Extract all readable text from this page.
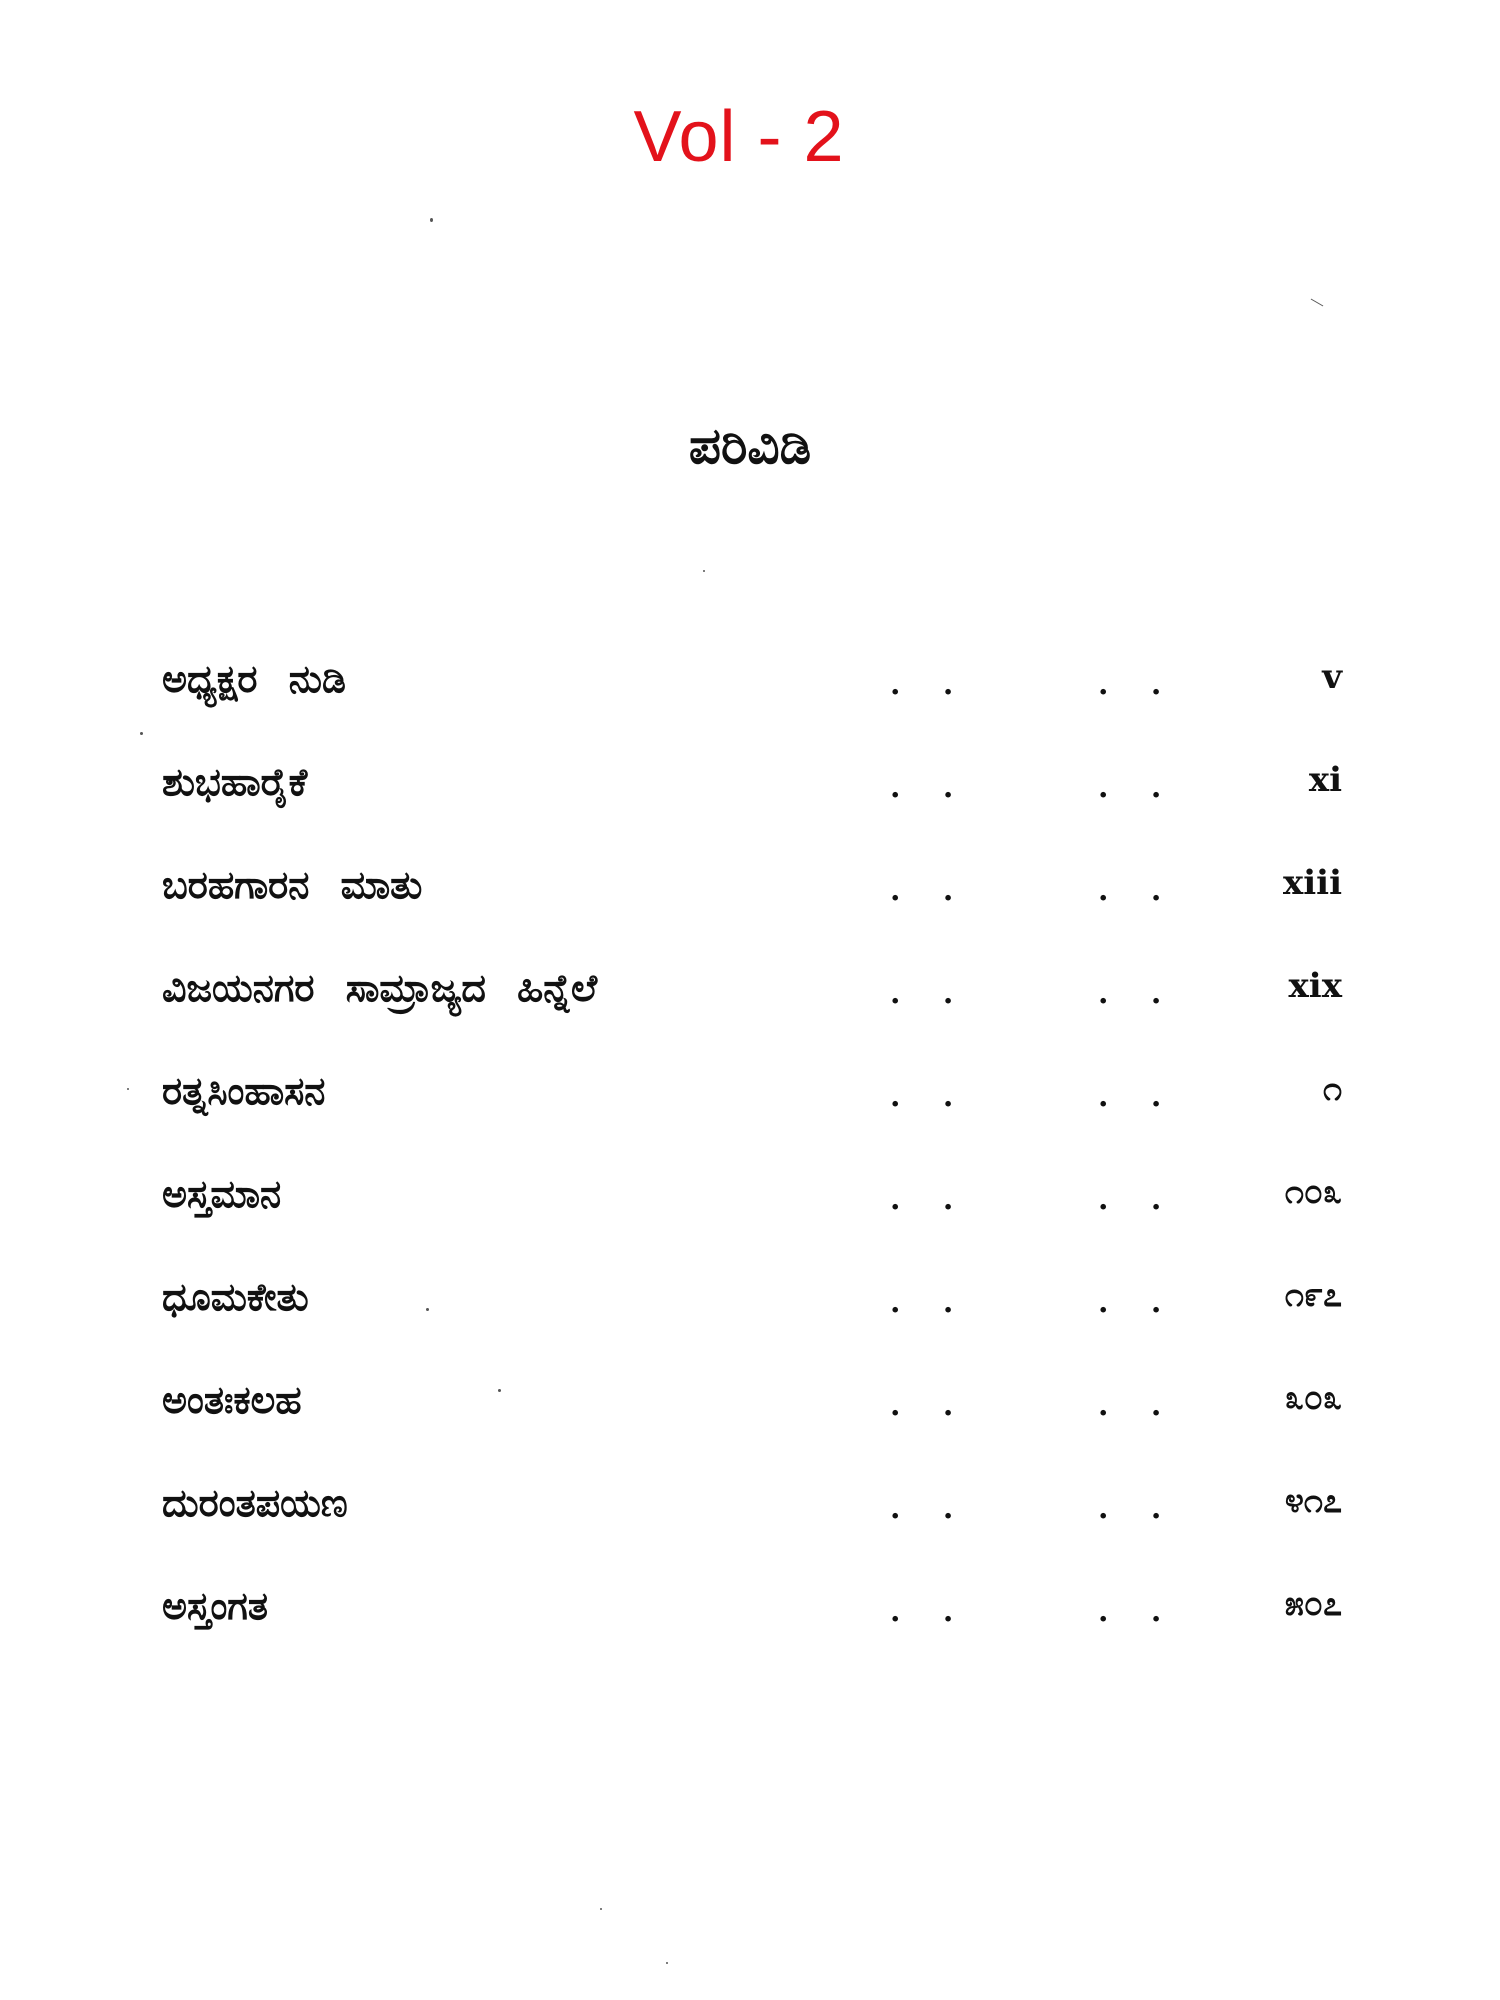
Vol - 2
ಪರಿವಿಡಿ
ಅಧ್ಯಕ್ಷರ ನುಡಿ	. .	. .	v
ಶುಭಹಾರೈಕೆ	. .	. .	xi
ಬರಹಗಾರನ ಮಾತು	. .	. .	xiii
ವಿಜಯನಗರ ಸಾಮ್ರಾಜ್ಯದ ಹಿನ್ನೆಲೆ	. .	. .	xix
ರತ್ನಸಿಂಹಾಸನ	. .	. .	೧
ಅಸ್ತಮಾನ	. .	. .	೧೦೩
ಧೂಮಕೇತು	. .	. .	೧೯೭
ಅಂತಃಕಲಹ	. .	. .	೩೦೩
ದುರಂತಪಯಣ	. .	. .	೪೧೭
ಅಸ್ತಂಗತ	. .	. .	೫೦೭
